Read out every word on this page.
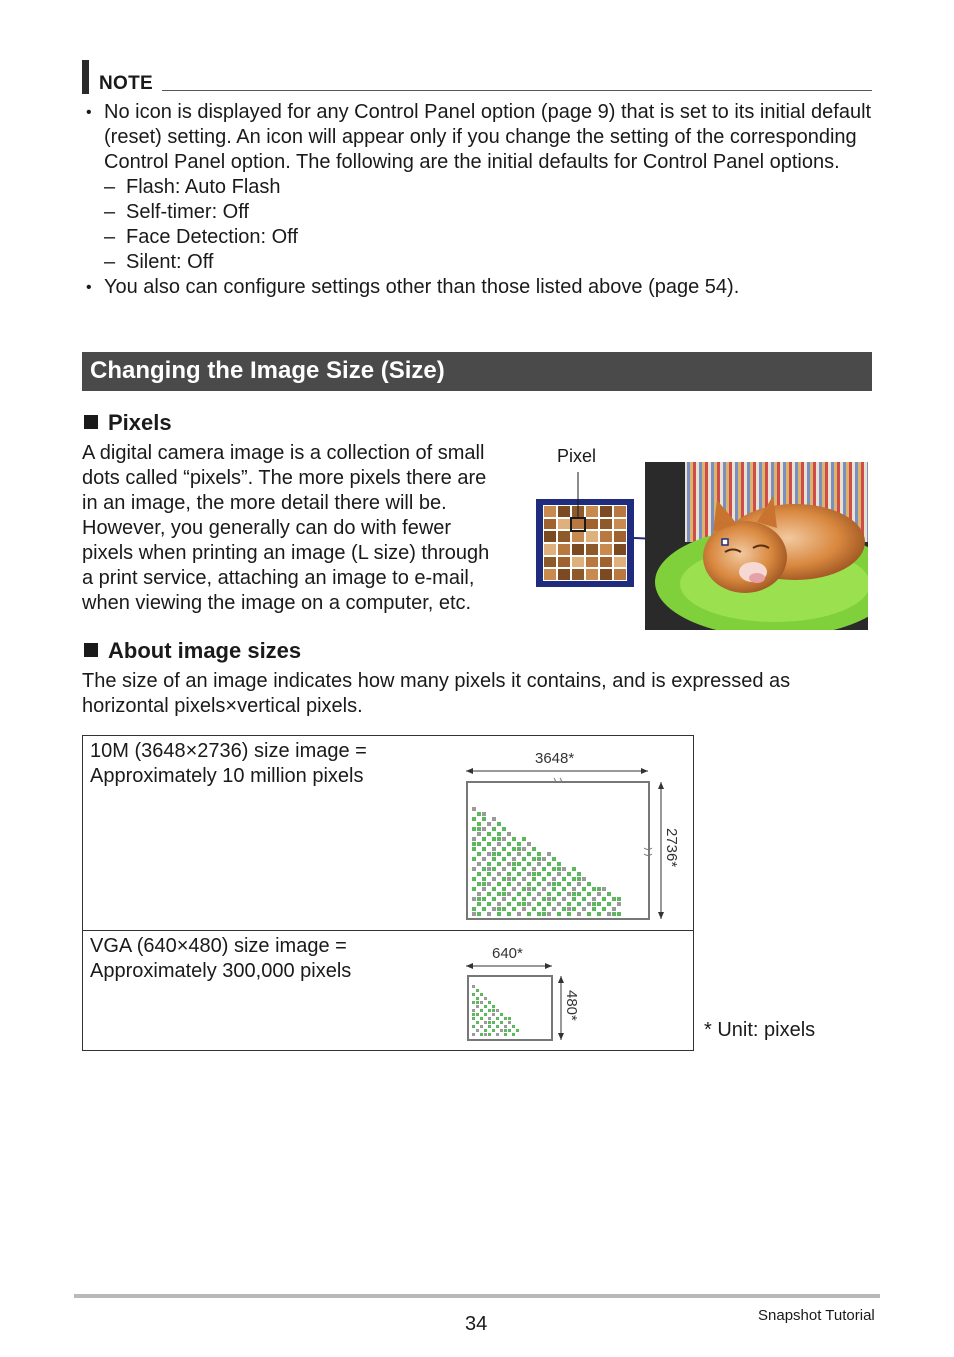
NOTE
• No icon is displayed for any Control Panel option (page 9) that is set to its initial default (reset) setting. An icon will appear only if you change the setting of the corresponding Control Panel option. The following are the initial defaults for Control Panel options.
– Flash: Auto Flash
– Self-timer: Off
– Face Detection: Off
– Silent: Off
• You also can configure settings other than those listed above (page 54).
Changing the Image Size (Size)
Pixels
A digital camera image is a collection of small
dots called “pixels”. The more pixels there are
in an image, the more detail there will be.
However, you generally can do with fewer
pixels when printing an image (L size) through
a print service, attaching an image to e-mail,
when viewing the image on a computer, etc.
Pixel
About image sizes
The size of an image indicates how many pixels it contains, and is expressed as
horizontal pixels×vertical pixels.
10M (3648×2736) size image =
Approximately 10 million pixels
3648*
2736*
VGA (640×480) size image =
Approximately 300,000 pixels
640*
480*
* Unit: pixels
34	Snapshot Tutorial
